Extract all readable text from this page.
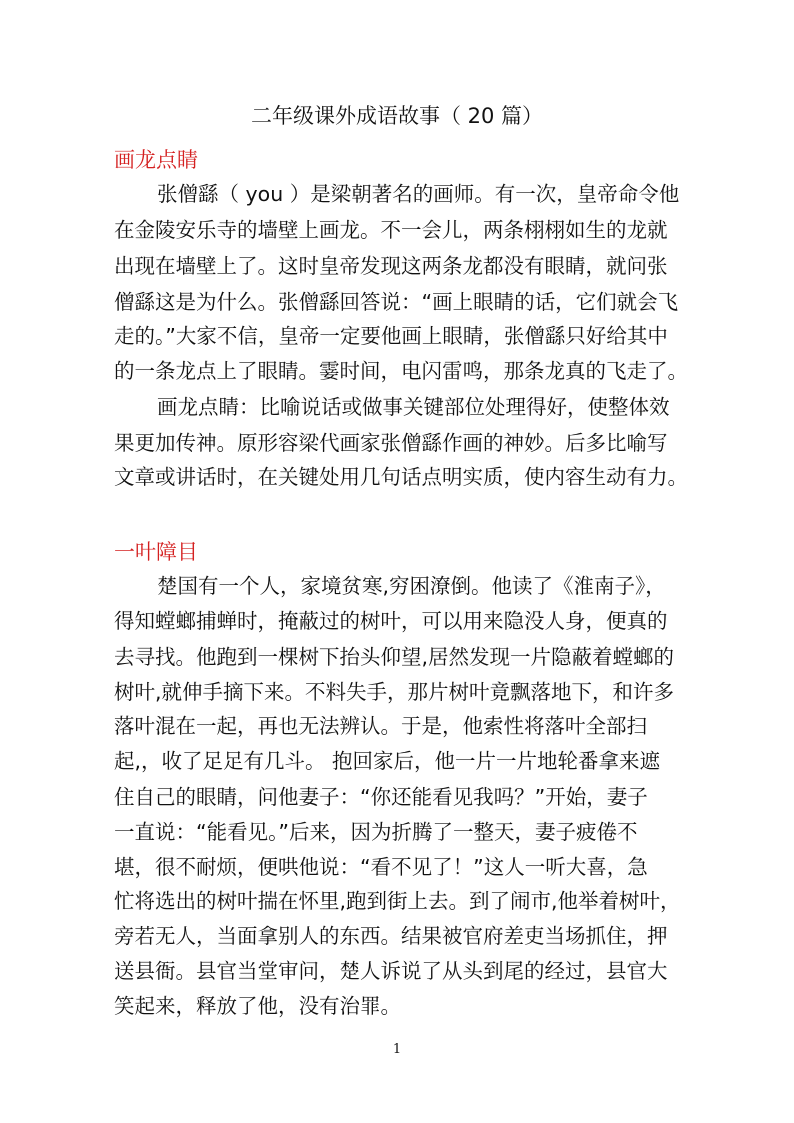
二年级课外成语故事（ 20 篇）
画龙点睛
张僧繇（ you ）是梁朝著名的画师。有一次，皇帝命令他
在金陵安乐寺的墙壁上画龙。不一会儿，两条栩栩如生的龙就
出现在墙壁上了。这时皇帝发现这两条龙都没有眼睛，就问张
僧繇这是为什么。张僧繇回答说：“画上眼睛的话，它们就会飞
走的。”大家不信，皇帝一定要他画上眼睛，张僧繇只好给其中
的一条龙点上了眼睛。霎时间，电闪雷鸣，那条龙真的飞走了。
画龙点睛：比喻说话或做事关键部位处理得好，使整体效
果更加传神。原形容梁代画家张僧繇作画的神妙。后多比喻写
文章或讲话时，在关键处用几句话点明实质，使内容生动有力。
一叶障目
楚国有一个人，家境贫寒,穷困潦倒。他读了《淮南子》，
得知螳螂捕蝉时，掩蔽过的树叶，可以用来隐没人身，便真的
去寻找。他跑到一棵树下抬头仰望,居然发现一片隐蔽着螳螂的
树叶,就伸手摘下来。不料失手，那片树叶竟飘落地下，和许多
落叶混在一起，再也无法辨认。于是，他索性将落叶全部扫
起,，收了足足有几斗。 抱回家后，他一片一片地轮番拿来遮
住自己的眼睛，问他妻子：“你还能看见我吗？”开始，妻子
一直说：“能看见。”后来，因为折腾了一整天，妻子疲倦不
堪，很不耐烦，便哄他说：“看不见了！”这人一听大喜，急
忙将选出的树叶揣在怀里,跑到街上去。到了闹市,他举着树叶，
旁若无人，当面拿别人的东西。结果被官府差吏当场抓住，押
送县衙。县官当堂审问，楚人诉说了从头到尾的经过，县官大
笑起来，释放了他，没有治罪。
1
